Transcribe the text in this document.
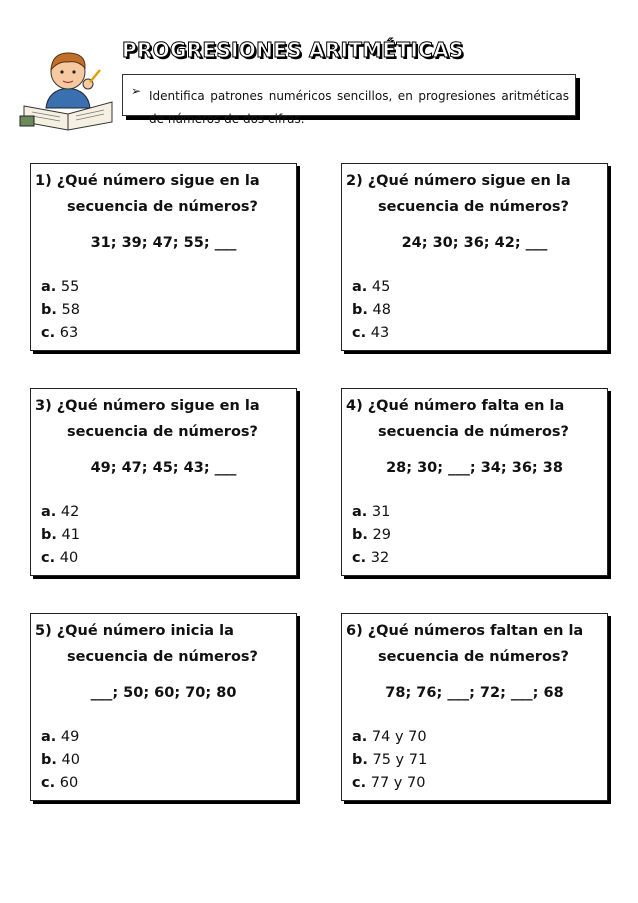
PROGRESIONES ARITMÉTICAS
➢ Identifica patrones numéricos sencillos, en progresiones aritméticas de números de dos cifras.

1) ¿Qué número sigue en la
secuencia de números?
31; 39; 47; 55; ___
a. 55
b. 58
c. 63
2) ¿Qué número sigue en la
secuencia de números?
24; 30; 36; 42; ___
a. 45
b. 48
c. 43
3) ¿Qué número sigue en la
secuencia de números?
49; 47; 45; 43; ___
a. 42
b. 41
c. 40
4) ¿Qué número falta en la
secuencia de números?
28; 30; ___; 34; 36; 38
a. 31
b. 29
c. 32
5) ¿Qué número inicia la
secuencia de números?
___; 50; 60; 70; 80
a. 49
b. 40
c. 60
6) ¿Qué números faltan en la
secuencia de números?
78; 76; ___; 72; ___; 68
a. 74 y 70
b. 75 y 71
c. 77 y 70
